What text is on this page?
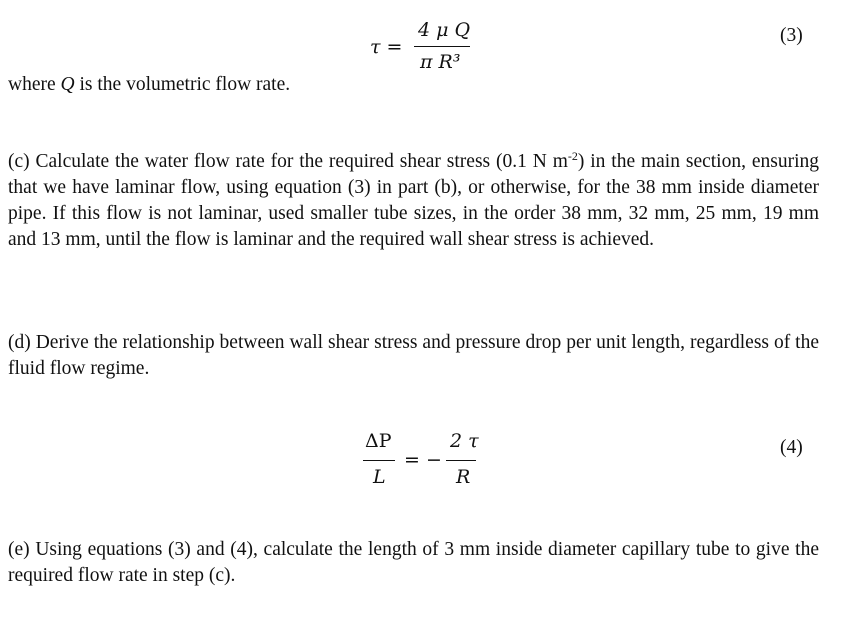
τ =
4 μ Q
π R³
(3)
where Q is the volumetric flow rate.
(c) Calculate the water flow rate for the required shear stress (0.1 N $m^{-2}$) in the main section, ensuring that we have laminar flow, using equation (3) in part (b), or otherwise, for the 38 mm inside diameter pipe. If this flow is not laminar, used smaller tube sizes, in the order 38 mm, 32 mm, 25 mm, 19 mm and 13 mm, until the flow is laminar and the required wall shear stress is achieved.
(d) Derive the relationship between wall shear stress and pressure drop per unit length, regardless of the fluid flow regime.
ΔP
L
= −
2 τ
R
(4)
(e) Using equations (3) and (4), calculate the length of 3 mm inside diameter capillary tube to give the required flow rate in step (c).
